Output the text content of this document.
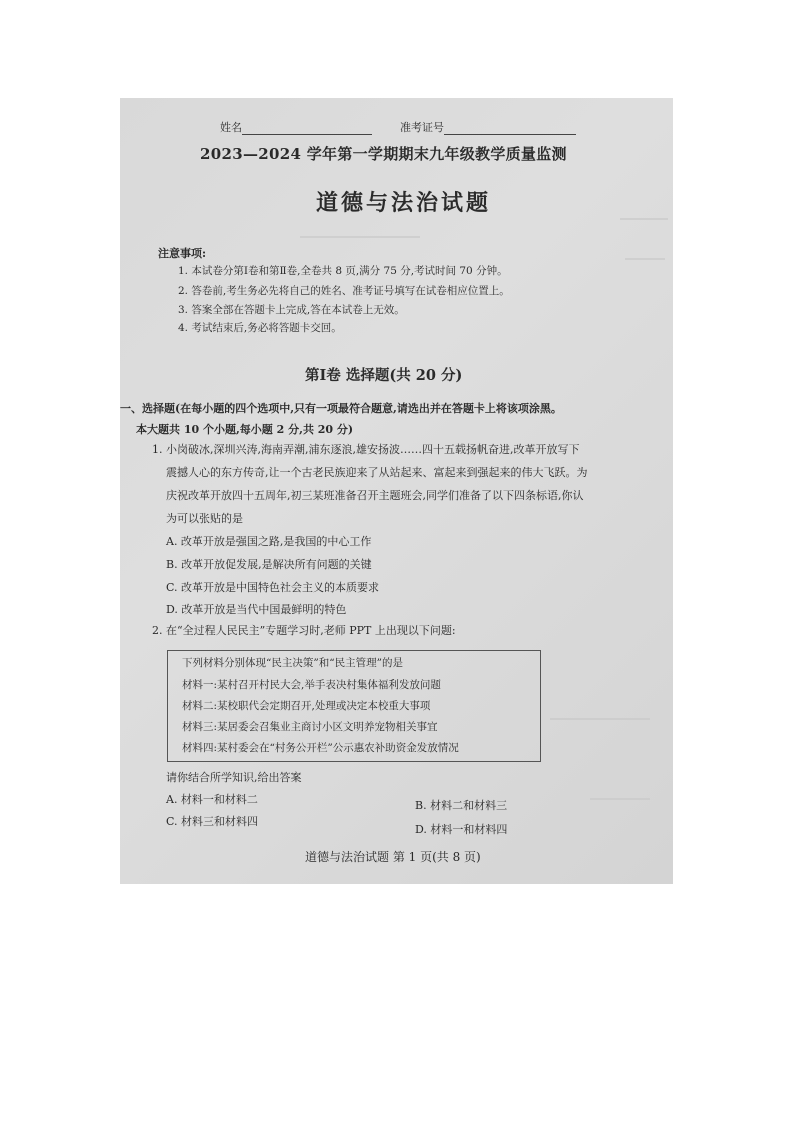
姓名	准考证号
2023—2024 学年第一学期期末九年级教学质量监测
道德与法治试题
注意事项:
1. 本试卷分第Ⅰ卷和第Ⅱ卷,全卷共 8 页,满分 75 分,考试时间 70 分钟。
2. 答卷前,考生务必先将自己的姓名、准考证号填写在试卷相应位置上。
3. 答案全部在答题卡上完成,答在本试卷上无效。
4. 考试结束后,务必将答题卡交回。
第Ⅰ卷 选择题(共 20 分)
一、选择题(在每小题的四个选项中,只有一项最符合题意,请选出并在答题卡上将该项涂黑。
本大题共 10 个小题,每小题 2 分,共 20 分)
1. 小岗破冰,深圳兴涛,海南弄潮,浦东逐浪,雄安扬波……四十五载扬帆奋进,改革开放写下
震撼人心的东方传奇,让一个古老民族迎来了从站起来、富起来到强起来的伟大飞跃。为
庆祝改革开放四十五周年,初三某班准备召开主题班会,同学们准备了以下四条标语,你认
为可以张贴的是
A. 改革开放是强国之路,是我国的中心工作
B. 改革开放促发展,是解决所有问题的关键
C. 改革开放是中国特色社会主义的本质要求
D. 改革开放是当代中国最鲜明的特色
2. 在“全过程人民民主”专题学习时,老师 PPT 上出现以下问题:
下列材料分别体现“民主决策”和“民主管理”的是
材料一:某村召开村民大会,举手表决村集体福利发放问题
材料二:某校职代会定期召开,处理或决定本校重大事项
材料三:某居委会召集业主商讨小区文明养宠物相关事宜
材料四:某村委会在“村务公开栏”公示惠农补助资金发放情况
请你结合所学知识,给出答案
A. 材料一和材料二	B. 材料二和材料三
C. 材料三和材料四
D. 材料一和材料四
道德与法治试题 第 1 页(共 8 页)
